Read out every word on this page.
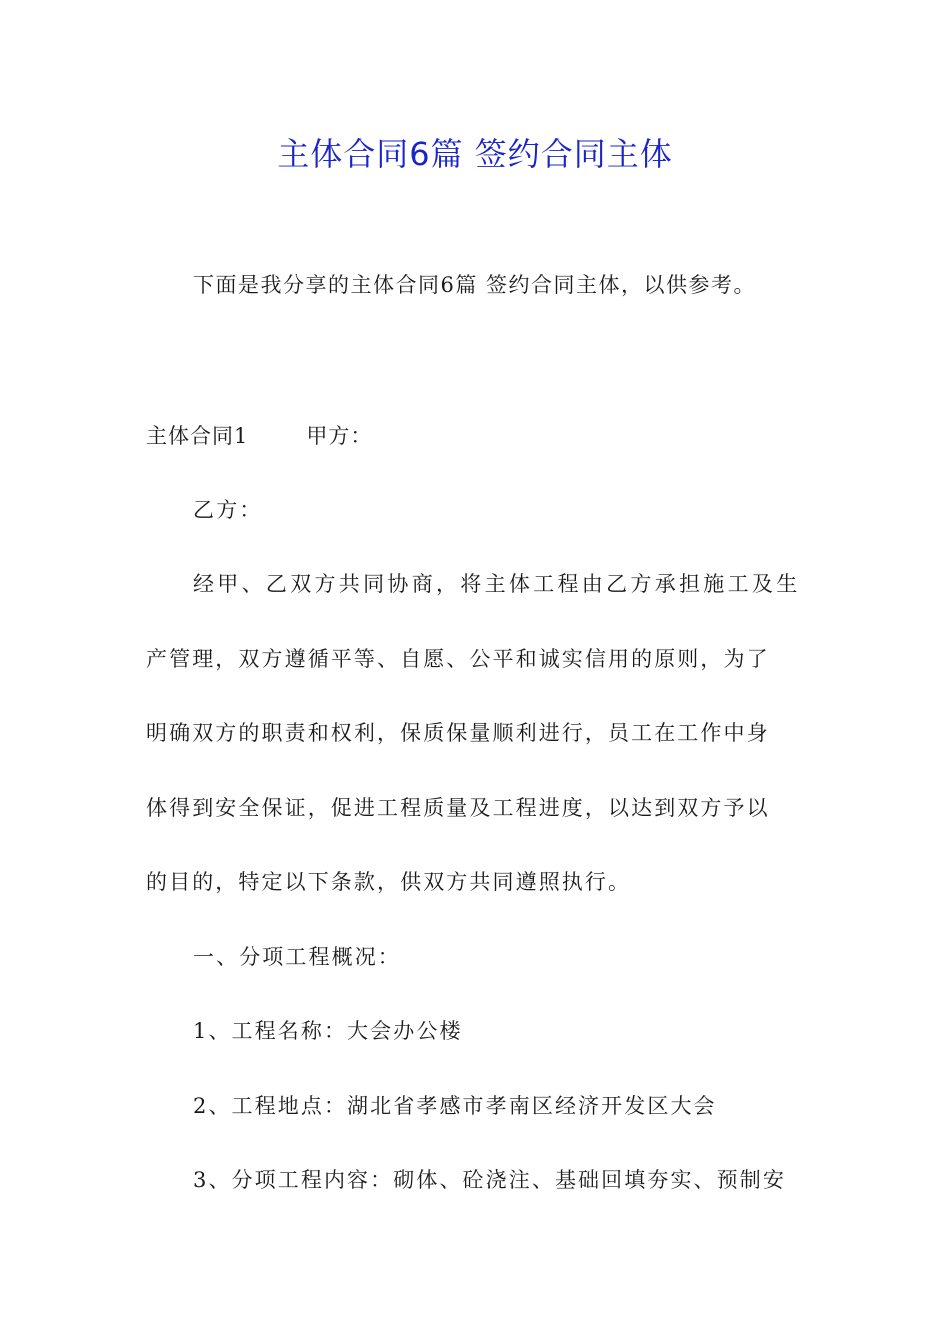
主体合同6篇 签约合同主体
下面是我分享的主体合同6篇 签约合同主体，以供参考。
主体合同1	甲方：
乙方：
经甲、乙双方共同协商，将主体工程由乙方承担施工及生
产管理，双方遵循平等、自愿、公平和诚实信用的原则，为了
明确双方的职责和权利，保质保量顺利进行，员工在工作中身
体得到安全保证，促进工程质量及工程进度，以达到双方予以
的目的，特定以下条款，供双方共同遵照执行。
一、分项工程概况：
1、工程名称：大会办公楼
2、工程地点：湖北省孝感市孝南区经济开发区大会
3、分项工程内容：砌体、砼浇注、基础回填夯实、预制安
